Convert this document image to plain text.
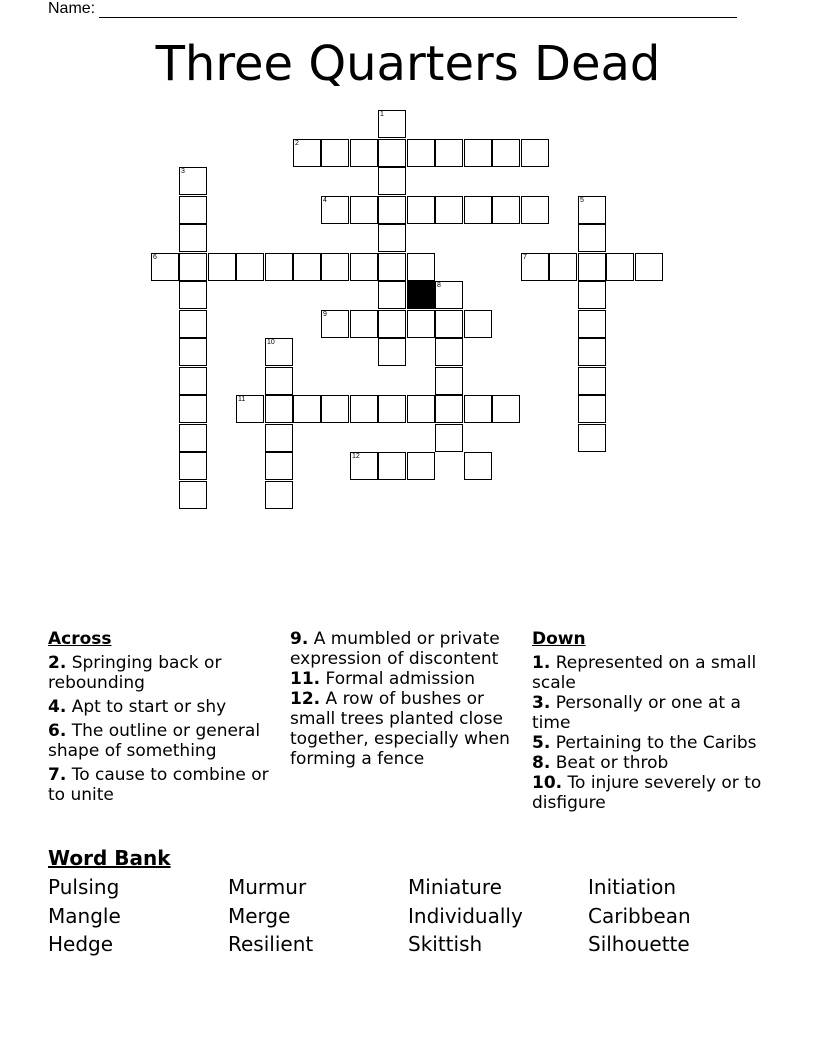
Name:
Three Quarters Dead
1
2
3
4	5
6	7
8
9
10
11
12
Across
2. Springing back or rebounding
4. Apt to start or shy
6. The outline or general shape of something
7. To cause to combine or to unite
9. A mumbled or private expression of discontent
11. Formal admission
12. A row of bushes or small trees planted close together, especially when forming a fence
Down
1. Represented on a small scale
3. Personally or one at a time
5. Pertaining to the Caribs
8. Beat or throb
10. To injure severely or to disfigure
Word Bank
Pulsing	Murmur	Miniature	Initiation
Mangle	Merge	Individually	Caribbean
Hedge	Resilient	Skittish	Silhouette
